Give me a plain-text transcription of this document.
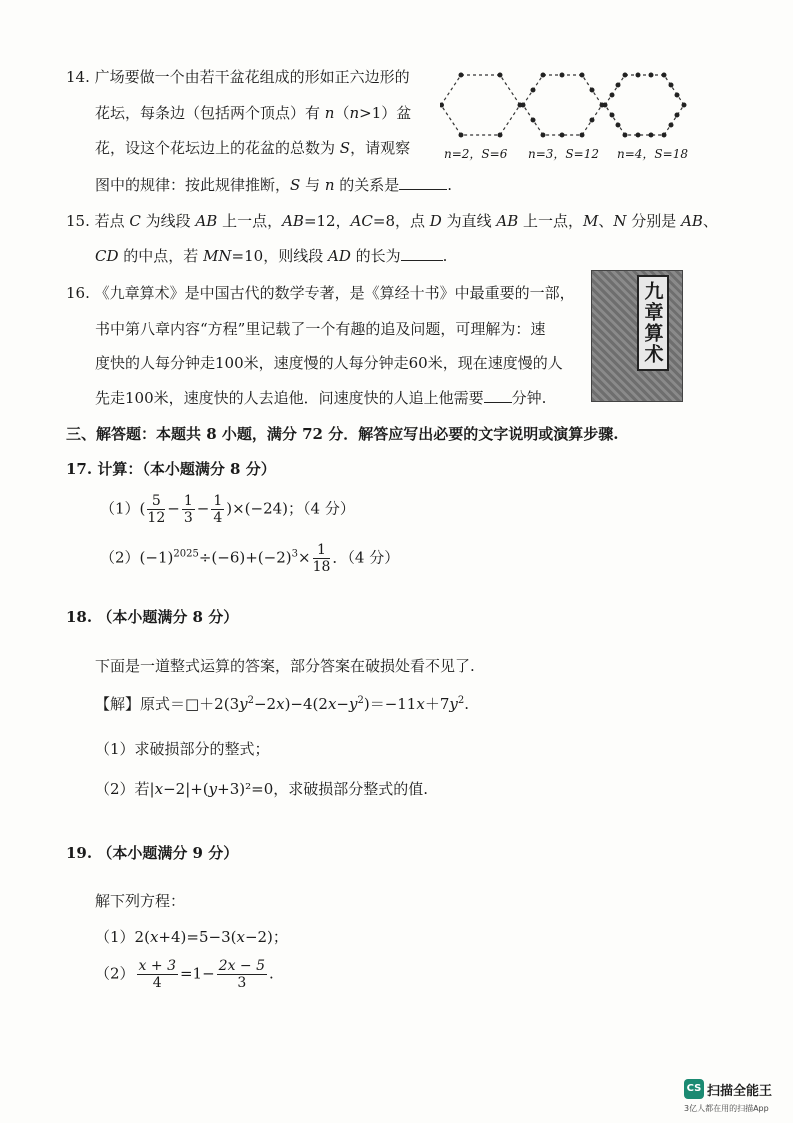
14. 广场要做一个由若干盆花组成的形如正六边形的
花坛，每条边（包括两个顶点）有 n（n>1）盆
花，设这个花坛边上的花盆的总数为 S，请观察
图中的规律：按此规律推断，S 与 n 的关系是	.
n=2，S=6 n=3，S=12 n=4，S=18
15. 若点 C 为线段 AB 上一点，AB=12，AC=8，点 D 为直线 AB 上一点，M、N 分别是 AB、
CD 的中点，若 MN=10，则线段 AD 的长为	.
16. 《九章算术》是中国古代的数学专著，是《算经十书》中最重要的一部，
书中第八章内容“方程”里记载了一个有趣的追及问题，可理解为：速
度快的人每分钟走100米，速度慢的人每分钟走60米，现在速度慢的人
先走100米，速度快的人去追他．问速度快的人追上他需要 分钟.
九章算术
三、解答题：本题共 8 小题，满分 72 分．解答应写出必要的文字说明或演算步骤.
17. 计算：（本小题满分 8 分）
$(1)( \frac{5}{12} - \frac{1}{3} - \frac{1}{4} )\times(-24)$；（4 分）
$(2)(-1)^{2025}\div(-6)+(-2)^3\times \frac{1}{18}$ ．（4 分）
18. （本小题满分 8 分）
下面是一道整式运算的答案，部分答案在破损处看不见了.
【解】原式$=□+2(3y^2-2x)-4(2x-y^2)=-11x+7y^2$.
（1）求破损部分的整式；
（2）若|x−2|+(y+3)²=0，求破损部分整式的值.
19. （本小题满分 9 分）
解下列方程：
（1）2(x+4)=5−3(x−2)；
$(2) \frac{x + 3}{4} =1- \frac{2x - 5}{3}$ .
CS 扫描全能王
3亿人都在用的扫描App
